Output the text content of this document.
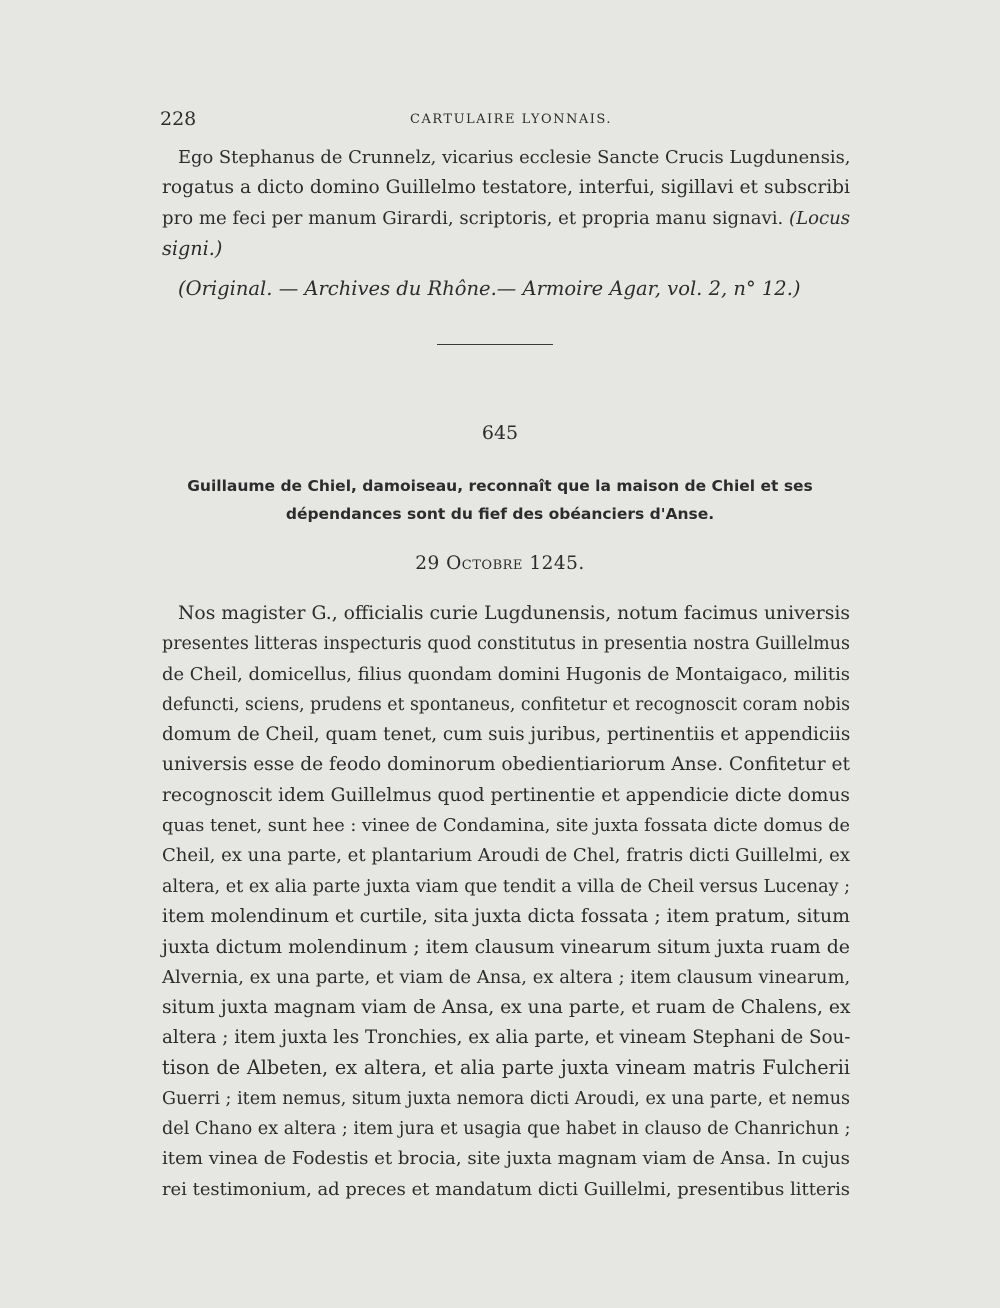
228	CARTULAIRE LYONNAIS.
Ego Stephanus de Crunnelz, vicarius ecclesie Sancte Crucis Lugdunensis,
rogatus a dicto domino Guillelmo testatore, interfui, sigillavi et subscribi
pro me feci per manum Girardi, scriptoris, et propria manu signavi. (Locus
signi.)
(Original. — Archives du Rhône.— Armoire Agar, vol. 2, n° 12.)
645
Guillaume de Chiel, damoiseau, reconnaît que la maison de Chiel et ses
dépendances sont du fief des obéanciers d'Anse.
29 Octobre 1245.
Nos magister G., officialis curie Lugdunensis, notum facimus universis
presentes litteras inspecturis quod constitutus in presentia nostra Guillelmus
de Cheil, domicellus, filius quondam domini Hugonis de Montaigaco, militis
defuncti, sciens, prudens et spontaneus, confitetur et recognoscit coram nobis
domum de Cheil, quam tenet, cum suis juribus, pertinentiis et appendiciis
universis esse de feodo dominorum obedientiariorum Anse. Confitetur et
recognoscit idem Guillelmus quod pertinentie et appendicie dicte domus
quas tenet, sunt hee : vinee de Condamina, site juxta fossata dicte domus de
Cheil, ex una parte, et plantarium Aroudi de Chel, fratris dicti Guillelmi, ex
altera, et ex alia parte juxta viam que tendit a villa de Cheil versus Lucenay ;
item molendinum et curtile, sita juxta dicta fossata ; item pratum, situm
juxta dictum molendinum ; item clausum vinearum situm juxta ruam de
Alvernia, ex una parte, et viam de Ansa, ex altera ; item clausum vinearum,
situm juxta magnam viam de Ansa, ex una parte, et ruam de Chalens, ex
altera ; item juxta les Tronchies, ex alia parte, et vineam Stephani de Sou-
tison de Albeten, ex altera, et alia parte juxta vineam matris Fulcherii
Guerri ; item nemus, situm juxta nemora dicti Aroudi, ex una parte, et nemus
del Chano ex altera ; item jura et usagia que habet in clauso de Chanrichun ;
item vinea de Fodestis et brocia, site juxta magnam viam de Ansa. In cujus
rei testimonium, ad preces et mandatum dicti Guillelmi, presentibus litteris
